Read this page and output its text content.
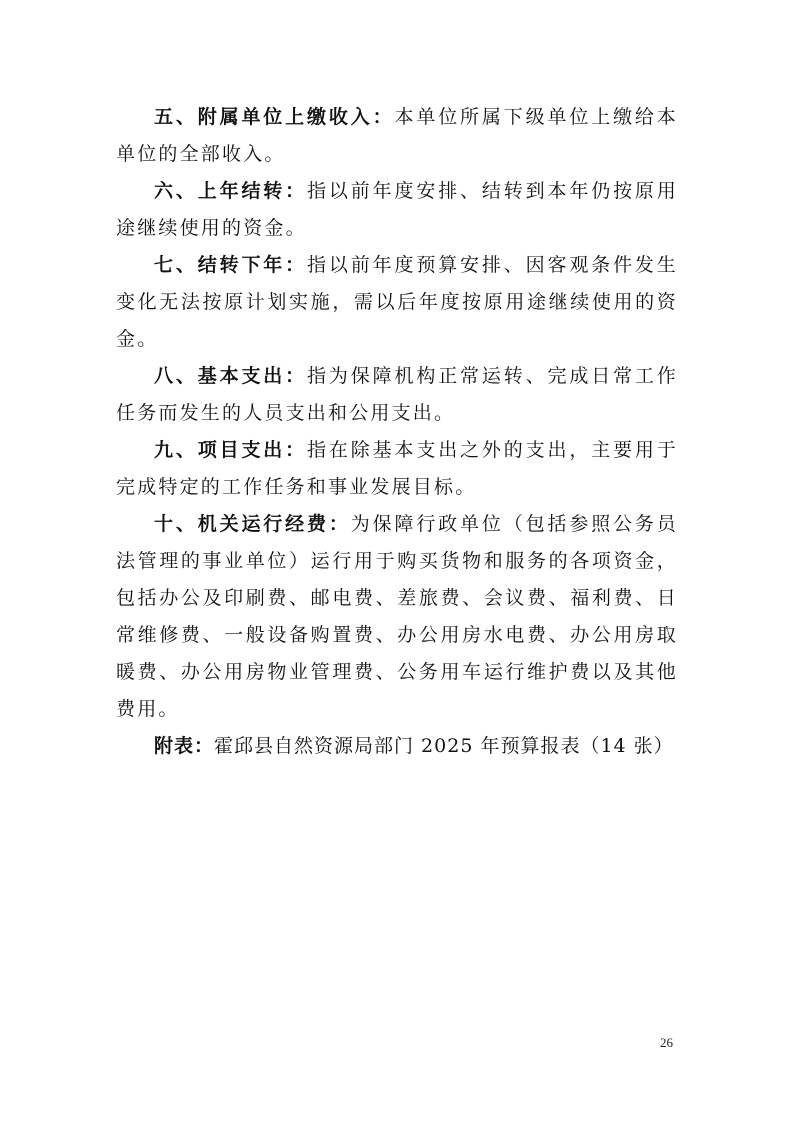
五、附属单位上缴收入：本单位所属下级单位上缴给本单位的全部收入。

六、上年结转：指以前年度安排、结转到本年仍按原用途继续使用的资金。

七、结转下年：指以前年度预算安排、因客观条件发生变化无法按原计划实施，需以后年度按原用途继续使用的资金。

八、基本支出：指为保障机构正常运转、完成日常工作任务而发生的人员支出和公用支出。

九、项目支出：指在除基本支出之外的支出，主要用于完成特定的工作任务和事业发展目标。

十、机关运行经费：为保障行政单位（包括参照公务员法管理的事业单位）运行用于购买货物和服务的各项资金，包括办公及印刷费、邮电费、差旅费、会议费、福利费、日常维修费、一般设备购置费、办公用房水电费、办公用房取暖费、办公用房物业管理费、公务用车运行维护费以及其他费用。

附表：霍邱县自然资源局部门 2025 年预算报表（14 张）

26
